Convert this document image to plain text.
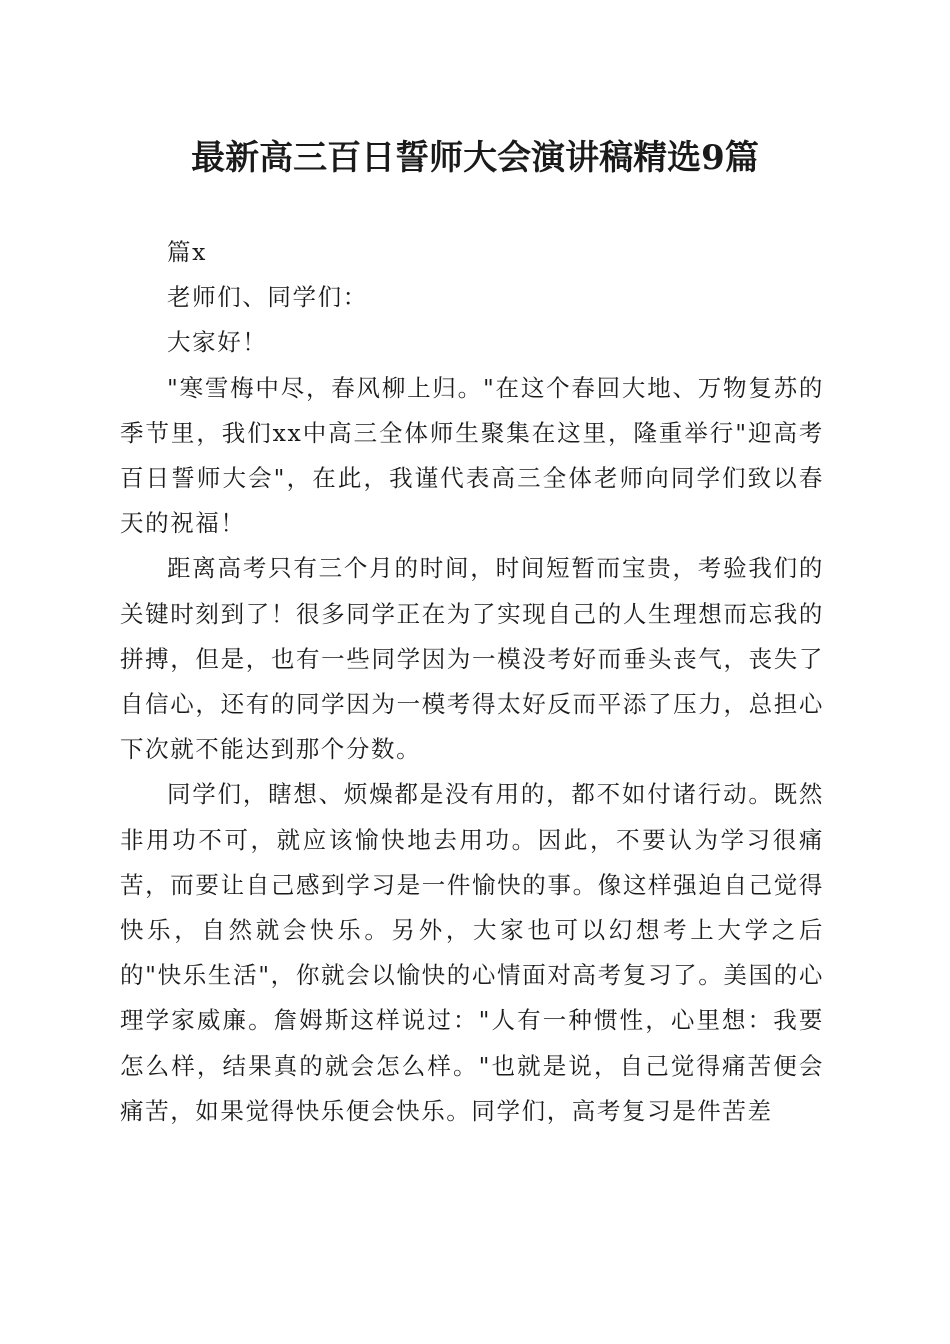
最新高三百日誓师大会演讲稿精选9篇

篇x

老师们、同学们：

大家好！

"寒雪梅中尽，春风柳上归。"在这个春回大地、万物复苏的季节里，我们xx中高三全体师生聚集在这里，隆重举行"迎高考百日誓师大会"，在此，我谨代表高三全体老师向同学们致以春天的祝福！

距离高考只有三个月的时间，时间短暂而宝贵，考验我们的关键时刻到了！很多同学正在为了实现自己的人生理想而忘我的拼搏，但是，也有一些同学因为一模没考好而垂头丧气，丧失了自信心，还有的同学因为一模考得太好反而平添了压力，总担心下次就不能达到那个分数。

同学们，瞎想、烦燥都是没有用的，都不如付诸行动。既然非用功不可，就应该愉快地去用功。因此，不要认为学习很痛苦，而要让自己感到学习是一件愉快的事。像这样强迫自己觉得快乐，自然就会快乐。另外，大家也可以幻想考上大学之后的"快乐生活"，你就会以愉快的心情面对高考复习了。美国的心理学家威廉。詹姆斯这样说过："人有一种惯性，心里想：我要怎么样，结果真的就会怎么样。"也就是说，自己觉得痛苦便会痛苦，如果觉得快乐便会快乐。同学们，高考复习是件苦差
